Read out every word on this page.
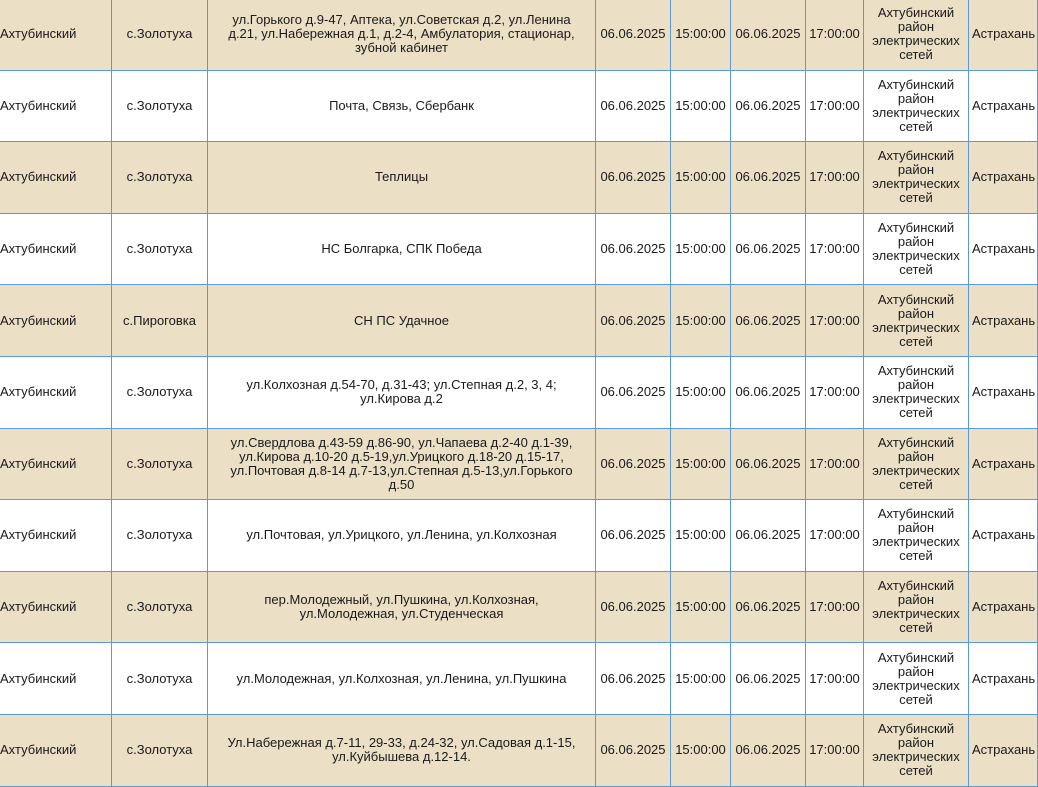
Ахтубинский	с.Золотуха	ул.Горького д.9-47, Аптека, ул.Советская д.2, ул.Ленина д.21, ул.Набережная д.1, д.2-4, Амбулатория, стационар, зубной кабинет	06.06.2025	15:00:00	06.06.2025	17:00:00	Ахтубинский район электрических сетей	Астрахань
Ахтубинский	с.Золотуха	Почта, Связь, Сбербанк	06.06.2025	15:00:00	06.06.2025	17:00:00	Ахтубинский район электрических сетей	Астрахань
Ахтубинский	с.Золотуха	Теплицы	06.06.2025	15:00:00	06.06.2025	17:00:00	Ахтубинский район электрических сетей	Астрахань
Ахтубинский	с.Золотуха	НС Болгарка, СПК Победа	06.06.2025	15:00:00	06.06.2025	17:00:00	Ахтубинский район электрических сетей	Астрахань
Ахтубинский	с.Пироговка	СН ПС Удачное	06.06.2025	15:00:00	06.06.2025	17:00:00	Ахтубинский район электрических сетей	Астрахань
Ахтубинский	с.Золотуха	ул.Колхозная д.54-70, д.31-43; ул.Степная д.2, 3, 4; ул.Кирова д.2	06.06.2025	15:00:00	06.06.2025	17:00:00	Ахтубинский район электрических сетей	Астрахань
Ахтубинский	с.Золотуха	ул.Свердлова д.43-59 д.86-90, ул.Чапаева д.2-40 д.1-39, ул.Кирова д.10-20 д.5-19,ул.Урицкого д.18-20 д.15-17, ул.Почтовая д.8-14 д.7-13,ул.Степная д.5-13,ул.Горького д.50	06.06.2025	15:00:00	06.06.2025	17:00:00	Ахтубинский район электрических сетей	Астрахань
Ахтубинский	с.Золотуха	ул.Почтовая, ул.Урицкого, ул.Ленина, ул.Колхозная	06.06.2025	15:00:00	06.06.2025	17:00:00	Ахтубинский район электрических сетей	Астрахань
Ахтубинский	с.Золотуха	пер.Молодежный, ул.Пушкина, ул.Колхозная, ул.Молодежная, ул.Студенческая	06.06.2025	15:00:00	06.06.2025	17:00:00	Ахтубинский район электрических сетей	Астрахань
Ахтубинский	с.Золотуха	ул.Молодежная, ул.Колхозная, ул.Ленина, ул.Пушкина	06.06.2025	15:00:00	06.06.2025	17:00:00	Ахтубинский район электрических сетей	Астрахань
Ахтубинский	с.Золотуха	Ул.Набережная д.7-11, 29-33, д.24-32, ул.Садовая д.1-15, ул.Куйбышева д.12-14.	06.06.2025	15:00:00	06.06.2025	17:00:00	Ахтубинский район электрических сетей	Астрахань
